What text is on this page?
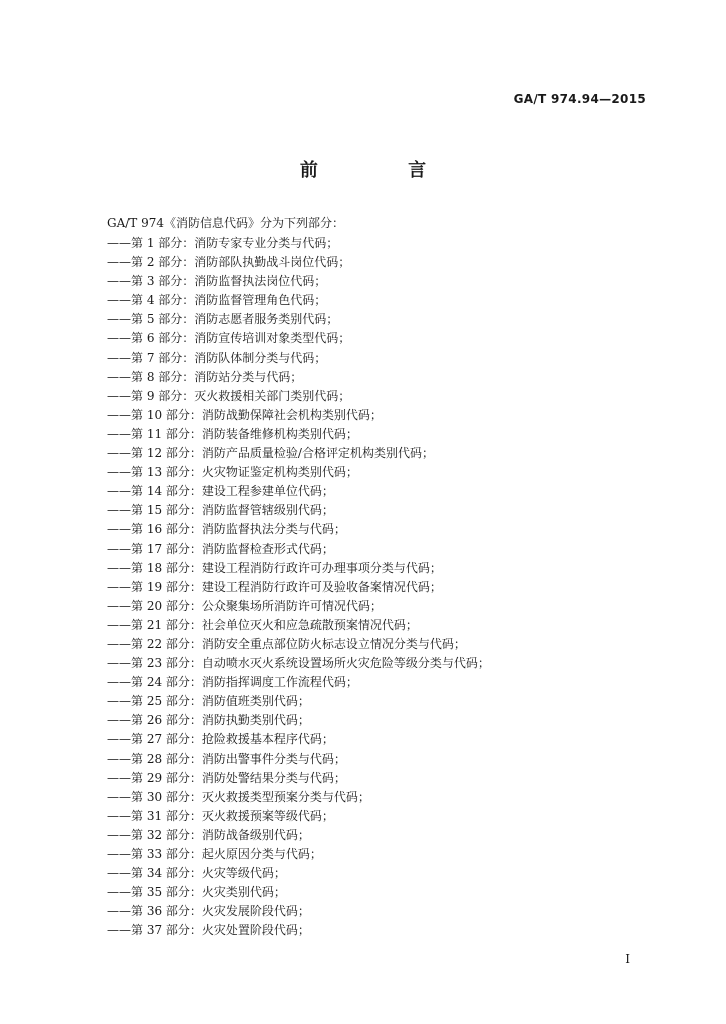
GA/T 974.94—2015
前 言
GA/T 974《消防信息代码》分为下列部分：
——第 1 部分：消防专家专业分类与代码；
——第 2 部分：消防部队执勤战斗岗位代码；
——第 3 部分：消防监督执法岗位代码；
——第 4 部分：消防监督管理角色代码；
——第 5 部分：消防志愿者服务类别代码；
——第 6 部分：消防宣传培训对象类型代码；
——第 7 部分：消防队体制分类与代码；
——第 8 部分：消防站分类与代码；
——第 9 部分：灭火救援相关部门类别代码；
——第 10 部分：消防战勤保障社会机构类别代码；
——第 11 部分：消防装备维修机构类别代码；
——第 12 部分：消防产品质量检验/合格评定机构类别代码；
——第 13 部分：火灾物证鉴定机构类别代码；
——第 14 部分：建设工程参建单位代码；
——第 15 部分：消防监督管辖级别代码；
——第 16 部分：消防监督执法分类与代码；
——第 17 部分：消防监督检查形式代码；
——第 18 部分：建设工程消防行政许可办理事项分类与代码；
——第 19 部分：建设工程消防行政许可及验收备案情况代码；
——第 20 部分：公众聚集场所消防许可情况代码；
——第 21 部分：社会单位灭火和应急疏散预案情况代码；
——第 22 部分：消防安全重点部位防火标志设立情况分类与代码；
——第 23 部分：自动喷水灭火系统设置场所火灾危险等级分类与代码；
——第 24 部分：消防指挥调度工作流程代码；
——第 25 部分：消防值班类别代码；
——第 26 部分：消防执勤类别代码；
——第 27 部分：抢险救援基本程序代码；
——第 28 部分：消防出警事件分类与代码；
——第 29 部分：消防处警结果分类与代码；
——第 30 部分：灭火救援类型预案分类与代码；
——第 31 部分：灭火救援预案等级代码；
——第 32 部分：消防战备级别代码；
——第 33 部分：起火原因分类与代码；
——第 34 部分：火灾等级代码；
——第 35 部分：火灾类别代码；
——第 36 部分：火灾发展阶段代码；
——第 37 部分：火灾处置阶段代码；
I
